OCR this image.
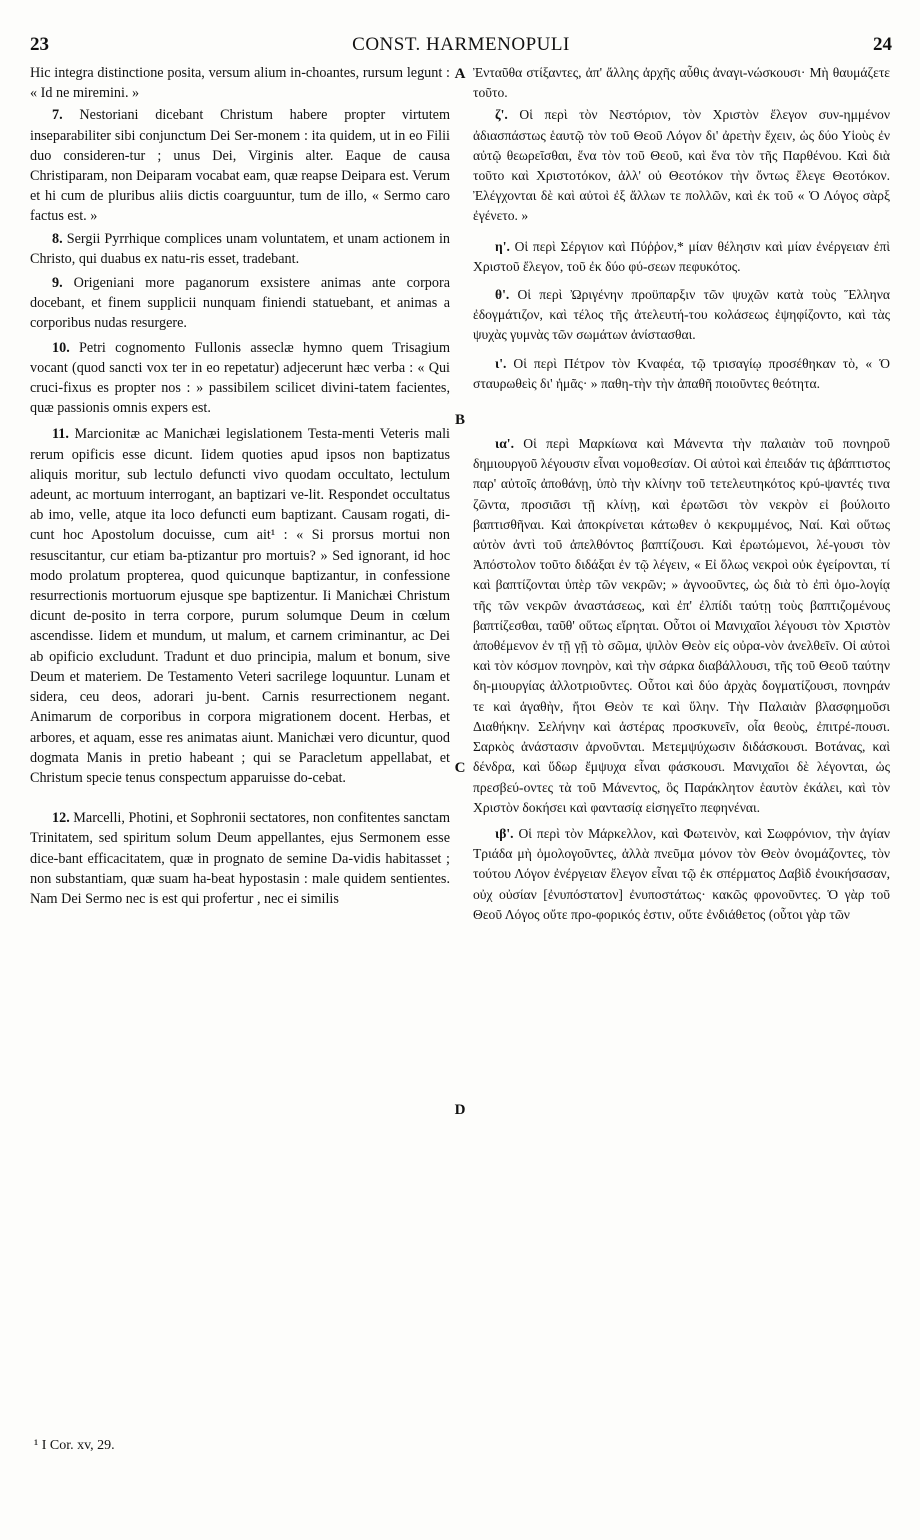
23	CONST. HARMENOPULI	24

Hic integra distinctione posita, versum alium in-choantes, rursum legunt : « Id ne miremini. »

7. Nestoriani dicebant Christum habere propter virtutem inseparabiliter sibi conjunctum Dei Ser-monem : ita quidem, ut in eo Filii duo consideren-tur ; unus Dei, Virginis alter. Eaque de causa Christiparam, non Deiparam vocabat eam, quæ reapse Deipara est. Verum et hi cum de pluribus aliis dictis coarguuntur, tum de illo, « Sermo caro factus est. »

8. Sergii Pyrrhique complices unam voluntatem, et unam actionem in Christo, qui duabus ex natu-ris esset, tradebant.

9. Origeniani more paganorum exsistere animas ante corpora docebant, et finem supplicii nunquam finiendi statuebant, et animas a corporibus nudas resurgere.

10. Petri cognomento Fullonis asseclæ hymno quem Trisagium vocant (quod sancti vox ter in eo repetatur) adjecerunt hæc verba : « Qui cruci-fixus es propter nos : » passibilem scilicet divini-tatem facientes, quæ passionis omnis expers est.

11. Marcionitæ ac Manichæi legislationem Testa-menti Veteris mali rerum opificis esse dicunt. Iidem quoties apud ipsos non baptizatus aliquis moritur, sub lectulo defuncti vivo quodam occultato, lectulum adeunt, ac mortuum interrogant, an baptizari ve-lit. Respondet occultatus ab imo, velle, atque ita loco defuncti eum baptizant. Causam rogati, di-cunt hoc Apostolum docuisse, cum ait¹ : « Si prorsus mortui non resuscitantur, cur etiam ba-ptizantur pro mortuis? » Sed ignorant, id hoc modo prolatum propterea, quod quicunque baptizantur, in confessione resurrectionis mortuorum ejusque spe baptizentur. Ii Manichæi Christum dicunt de-posito in terra corpore, purum solumque Deum in cœlum ascendisse. Iidem et mundum, ut malum, et carnem criminantur, ac Dei ab opificio excludunt. Tradunt et duo principia, malum et bonum, sive Deum et materiem. De Testamento Veteri sacrilege loquuntur. Lunam et sidera, ceu deos, adorari ju-bent. Carnis resurrectionem negant. Animarum de corporibus in corpora migrationem docent. Herbas, et arbores, et aquam, esse res animatas aiunt. Manichæi vero dicuntur, quod dogmata Manis in pretio habeant ; qui se Paracletum appellabat, et Christum specie tenus conspectum apparuisse do-cebat.

12. Marcelli, Photini, et Sophronii sectatores, non confitentes sanctam Trinitatem, sed spiritum solum Deum appellantes, ejus Sermonem esse dice-bant efficacitatem, quæ in prognato de semine Da-vidis habitasset ; non substantiam, quæ suam ha-beat hypostasin : male quidem sentientes. Nam Dei Sermo nec is est qui profertur , nec ei similis

Ἐνταῦθα στίξαντες, ἀπ' ἄλλης ἀρχῆς αὖθις ἀναγι-νώσκουσι· Μὴ θαυμάζετε τοῦτο.

ζ'. Οἱ περὶ τὸν Νεστόριον, τὸν Χριστὸν ἔλεγον συν-ημμένον ἀδιασπάστως ἑαυτῷ τὸν τοῦ Θεοῦ Λόγον δι' ἀρετὴν ἔχειν, ὡς δύο Υἱοὺς ἐν αὐτῷ θεωρεῖσθαι, ἕνα τὸν τοῦ Θεοῦ, καὶ ἕνα τὸν τῆς Παρθένου. Καὶ διὰ τοῦτο καὶ Χριστοτόκον, ἀλλ' οὐ Θεοτόκον τὴν ὄντως ἔλεγε Θεοτόκον. Ἐλέγχονται δὲ καὶ αὐτοὶ ἐξ ἄλλων τε πολλῶν, καὶ ἐκ τοῦ « Ὁ Λόγος σὰρξ ἐγένετο. »

η'. Οἱ περὶ Σέργιον καὶ Πύῤῥον,* μίαν θέλησιν καὶ μίαν ἐνέργειαν ἐπὶ Χριστοῦ ἔλεγον, τοῦ ἐκ δύο φύ-σεων πεφυκότος.

θ'. Οἱ περὶ Ὠριγένην προϋπαρξιν τῶν ψυχῶν κατὰ τοὺς Ἕλληνα ἐδογμάτιζον, καὶ τέλος τῆς ἀτελευτή-του κολάσεως ἐψηφίζοντο, καὶ τὰς ψυχὰς γυμνὰς τῶν σωμάτων ἀνίστασθαι.

ι'. Οἱ περὶ Πέτρον τὸν Κναφέα, τῷ τρισαγίῳ προσέθηκαν τὸ, « Ὁ σταυρωθεὶς δι' ἡμᾶς· » παθη-τὴν τὴν ἀπαθῆ ποιοῦντες θεότητα.

ια'. Οἱ περὶ Μαρκίωνα καὶ Μάνεντα τὴν παλαιὰν τοῦ πονηροῦ δημιουργοῦ λέγουσιν εἶναι νομοθεσίαν. Οἱ αὐτοὶ καὶ ἐπειδάν τις ἀβάπτιστος παρ' αὐτοῖς ἀποθάνῃ, ὑπὸ τὴν κλίνην τοῦ τετελευτηκότος κρύ-ψαντές τινα ζῶντα, προσιᾶσι τῇ κλίνῃ, καὶ ἐρωτῶσι τὸν νεκρὸν εἰ βούλοιτο βαπτισθῆναι. Καὶ ἀποκρίνεται κάτωθεν ὁ κεκρυμμένος, Ναί. Καὶ οὕτως αὐτὸν ἀντὶ τοῦ ἀπελθόντος βαπτίζουσι. Καὶ ἐρωτώμενοι, λέ-γουσι τὸν Ἀπόστολον τοῦτο διδάξαι ἐν τῷ λέγειν, « Εἰ ὅλως νεκροὶ οὐκ ἐγείρονται, τί καὶ βαπτίζονται ὑπὲρ τῶν νεκρῶν; » ἀγνοοῦντες, ὡς διὰ τὸ ἐπὶ ὁμο-λογίᾳ τῆς τῶν νεκρῶν ἀναστάσεως, καὶ ἐπ' ἐλπίδι ταύτῃ τοὺς βαπτιζομένους βαπτίζεσθαι, ταῦθ' οὕτως εἴρηται. Οὗτοι οἱ Μανιχαῖοι λέγουσι τὸν Χριστὸν ἀποθέμενον ἐν τῇ γῇ τὸ σῶμα, ψιλὸν Θεὸν εἰς οὐρα-νὸν ἀνελθεῖν. Οἱ αὐτοὶ καὶ τὸν κόσμον πονηρὸν, καὶ τὴν σάρκα διαβάλλουσι, τῆς τοῦ Θεοῦ ταύτην δη-μιουργίας ἀλλοτριοῦντες. Οὗτοι καὶ δύο ἀρχὰς δογματίζουσι, πονηράν τε καὶ ἀγαθὴν, ἤτοι Θεὸν τε καὶ ὕλην. Τὴν Παλαιὰν βλασφημοῦσι Διαθήκην. Σελήνην καὶ ἀστέρας προσκυνεῖν, οἷα θεοὺς, ἐπιτρέ-πουσι. Σαρκὸς ἀνάστασιν ἀρνοῦνται. Μετεμψύχωσιν διδάσκουσι. Βοτάνας, καὶ δένδρα, καὶ ὕδωρ ἔμψυχα εἶναι φάσκουσι. Μανιχαῖοι δὲ λέγονται, ὡς πρεσβεύ-οντες τὰ τοῦ Μάνεντος, ὃς Παράκλητον ἑαυτὸν ἐκάλει, καὶ τὸν Χριστὸν δοκήσει καὶ φαντασίᾳ εἰσηγεῖτο πεφηνέναι.

ιβ'. Οἱ περὶ τὸν Μάρκελλον, καὶ Φωτεινὸν, καὶ Σωφρόνιον, τὴν ἁγίαν Τριάδα μὴ ὁμολογοῦντες, ἀλλὰ πνεῦμα μόνον τὸν Θεὸν ὀνομάζοντες, τὸν τούτου Λόγον ἐνέργειαν ἔλεγον εἶναι τῷ ἐκ σπέρματος Δαβὶδ ἐνοικήσασαν, οὐχ οὐσίαν [ἐνυπόστατον] ἐνυποστάτως· κακῶς φρονοῦντες. Ὁ γὰρ τοῦ Θεοῦ Λόγος οὔτε προ-φορικός ἐστιν, οὔτε ἐνδιάθετος (οὗτοι γὰρ τῶν

A
B
C
D
¹ I Cor. xv, 29.
